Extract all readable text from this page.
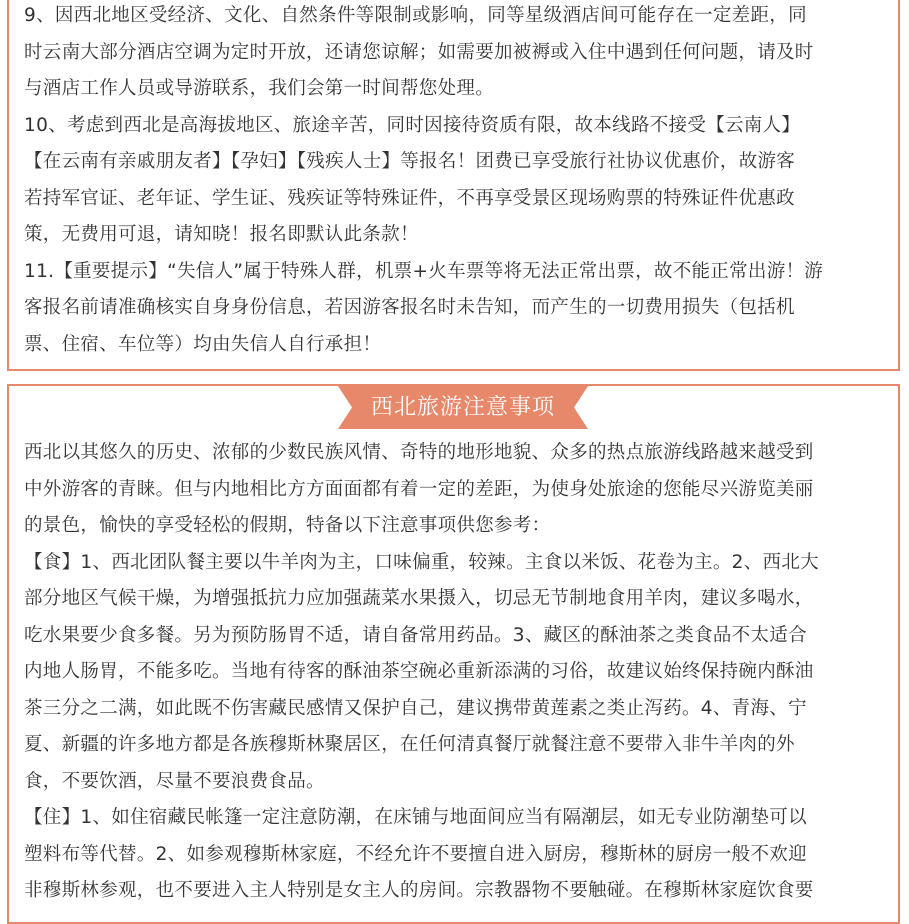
9、因西北地区受经济、文化、自然条件等限制或影响，同等星级酒店间可能存在一定差距，同
时云南大部分酒店空调为定时开放，还请您谅解；如需要加被褥或入住中遇到任何问题，请及时
与酒店工作人员或导游联系，我们会第一时间帮您处理。
10、考虑到西北是高海拔地区、旅途辛苦，同时因接待资质有限，故本线路不接受【云南人】
【在云南有亲戚朋友者】【孕妇】【残疾人士】等报名！团费已享受旅行社协议优惠价，故游客
若持军官证、老年证、学生证、残疾证等特殊证件，不再享受景区现场购票的特殊证件优惠政
策，无费用可退，请知晓！报名即默认此条款！
11.【重要提示】“失信人”属于特殊人群，机票+火车票等将无法正常出票，故不能正常出游！游
客报名前请准确核实自身身份信息，若因游客报名时未告知，而产生的一切费用损失（包括机
票、住宿、车位等）均由失信人自行承担！

西北旅游注意事项

西北以其悠久的历史、浓郁的少数民族风情、奇特的地形地貌、众多的热点旅游线路越来越受到
中外游客的青睐。但与内地相比方方面面都有着一定的差距，为使身处旅途的您能尽兴游览美丽
的景色，愉快的享受轻松的假期，特备以下注意事项供您参考：
【食】1、西北团队餐主要以牛羊肉为主，口味偏重，较辣。主食以米饭、花卷为主。2、西北大
部分地区气候干燥，为增强抵抗力应加强蔬菜水果摄入，切忌无节制地食用羊肉，建议多喝水，
吃水果要少食多餐。另为预防肠胃不适，请自备常用药品。3、藏区的酥油茶之类食品不太适合
内地人肠胃，不能多吃。当地有待客的酥油茶空碗必重新添满的习俗，故建议始终保持碗内酥油
茶三分之二满，如此既不伤害藏民感情又保护自己，建议携带黄莲素之类止泻药。4、青海、宁
夏、新疆的许多地方都是各族穆斯林聚居区，在任何清真餐厅就餐注意不要带入非牛羊肉的外
食，不要饮酒，尽量不要浪费食品。
【住】1、如住宿藏民帐篷一定注意防潮，在床铺与地面间应当有隔潮层，如无专业防潮垫可以
塑料布等代替。2、如参观穆斯林家庭，不经允许不要擅自进入厨房，穆斯林的厨房一般不欢迎
非穆斯林参观，也不要进入主人特别是女主人的房间。宗教器物不要触碰。在穆斯林家庭饮食要
